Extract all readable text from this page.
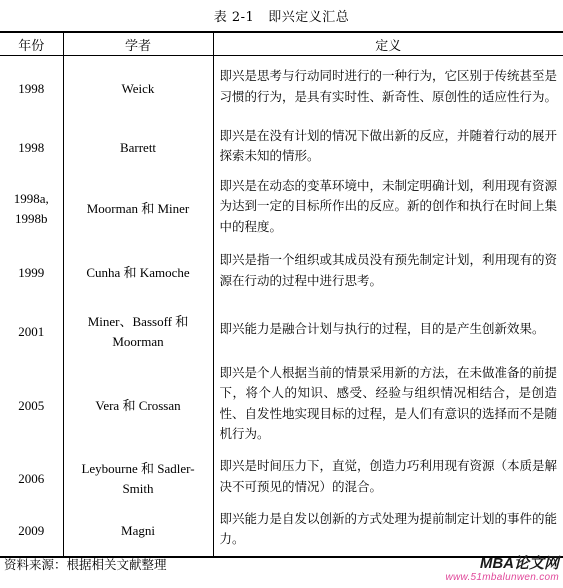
表 2-1 即兴定义汇总
年份	学者	定义
1998	Weick	即兴是思考与行动同时进行的一种行为，它区别于传统甚至是习惯的行为，是具有实时性、新奇性、原创性的适应性行为。

1998	Barrett	即兴是在没有计划的情况下做出新的反应，并随着行动的展开探索未知的情形。

1998a, 1998b	Moorman 和 Miner	即兴是在动态的变革环境中，未制定明确计划，利用现有资源为达到一定的目标所作出的反应。新的创作和执行在时间上集中的程度。

1999	Cunha 和 Kamoche	即兴是指一个组织或其成员没有预先制定计划，利用现有的资源在行动的过程中进行思考。

2001	Miner、Bassoff 和 Moorman	即兴能力是融合计划与执行的过程，目的是产生创新效果。

2005	Vera 和 Crossan	即兴是个人根据当前的情景采用新的方法，在未做准备的前提下，将个人的知识、感受、经验与组织情况相结合，是创造性、自发性地实现目标的过程，是人们有意识的选择而不是随机行为。

2006	Leybourne 和 Sadler-Smith	即兴是时间压力下，直觉，创造力巧利用现有资源（本质是解决不可预见的情况）的混合。

2009	Magni	即兴能力是自发以创新的方式处理为提前制定计划的事件的能力。
资料来源：根据相关文献整理	MBA论文网
www.51mbalunwen.com
